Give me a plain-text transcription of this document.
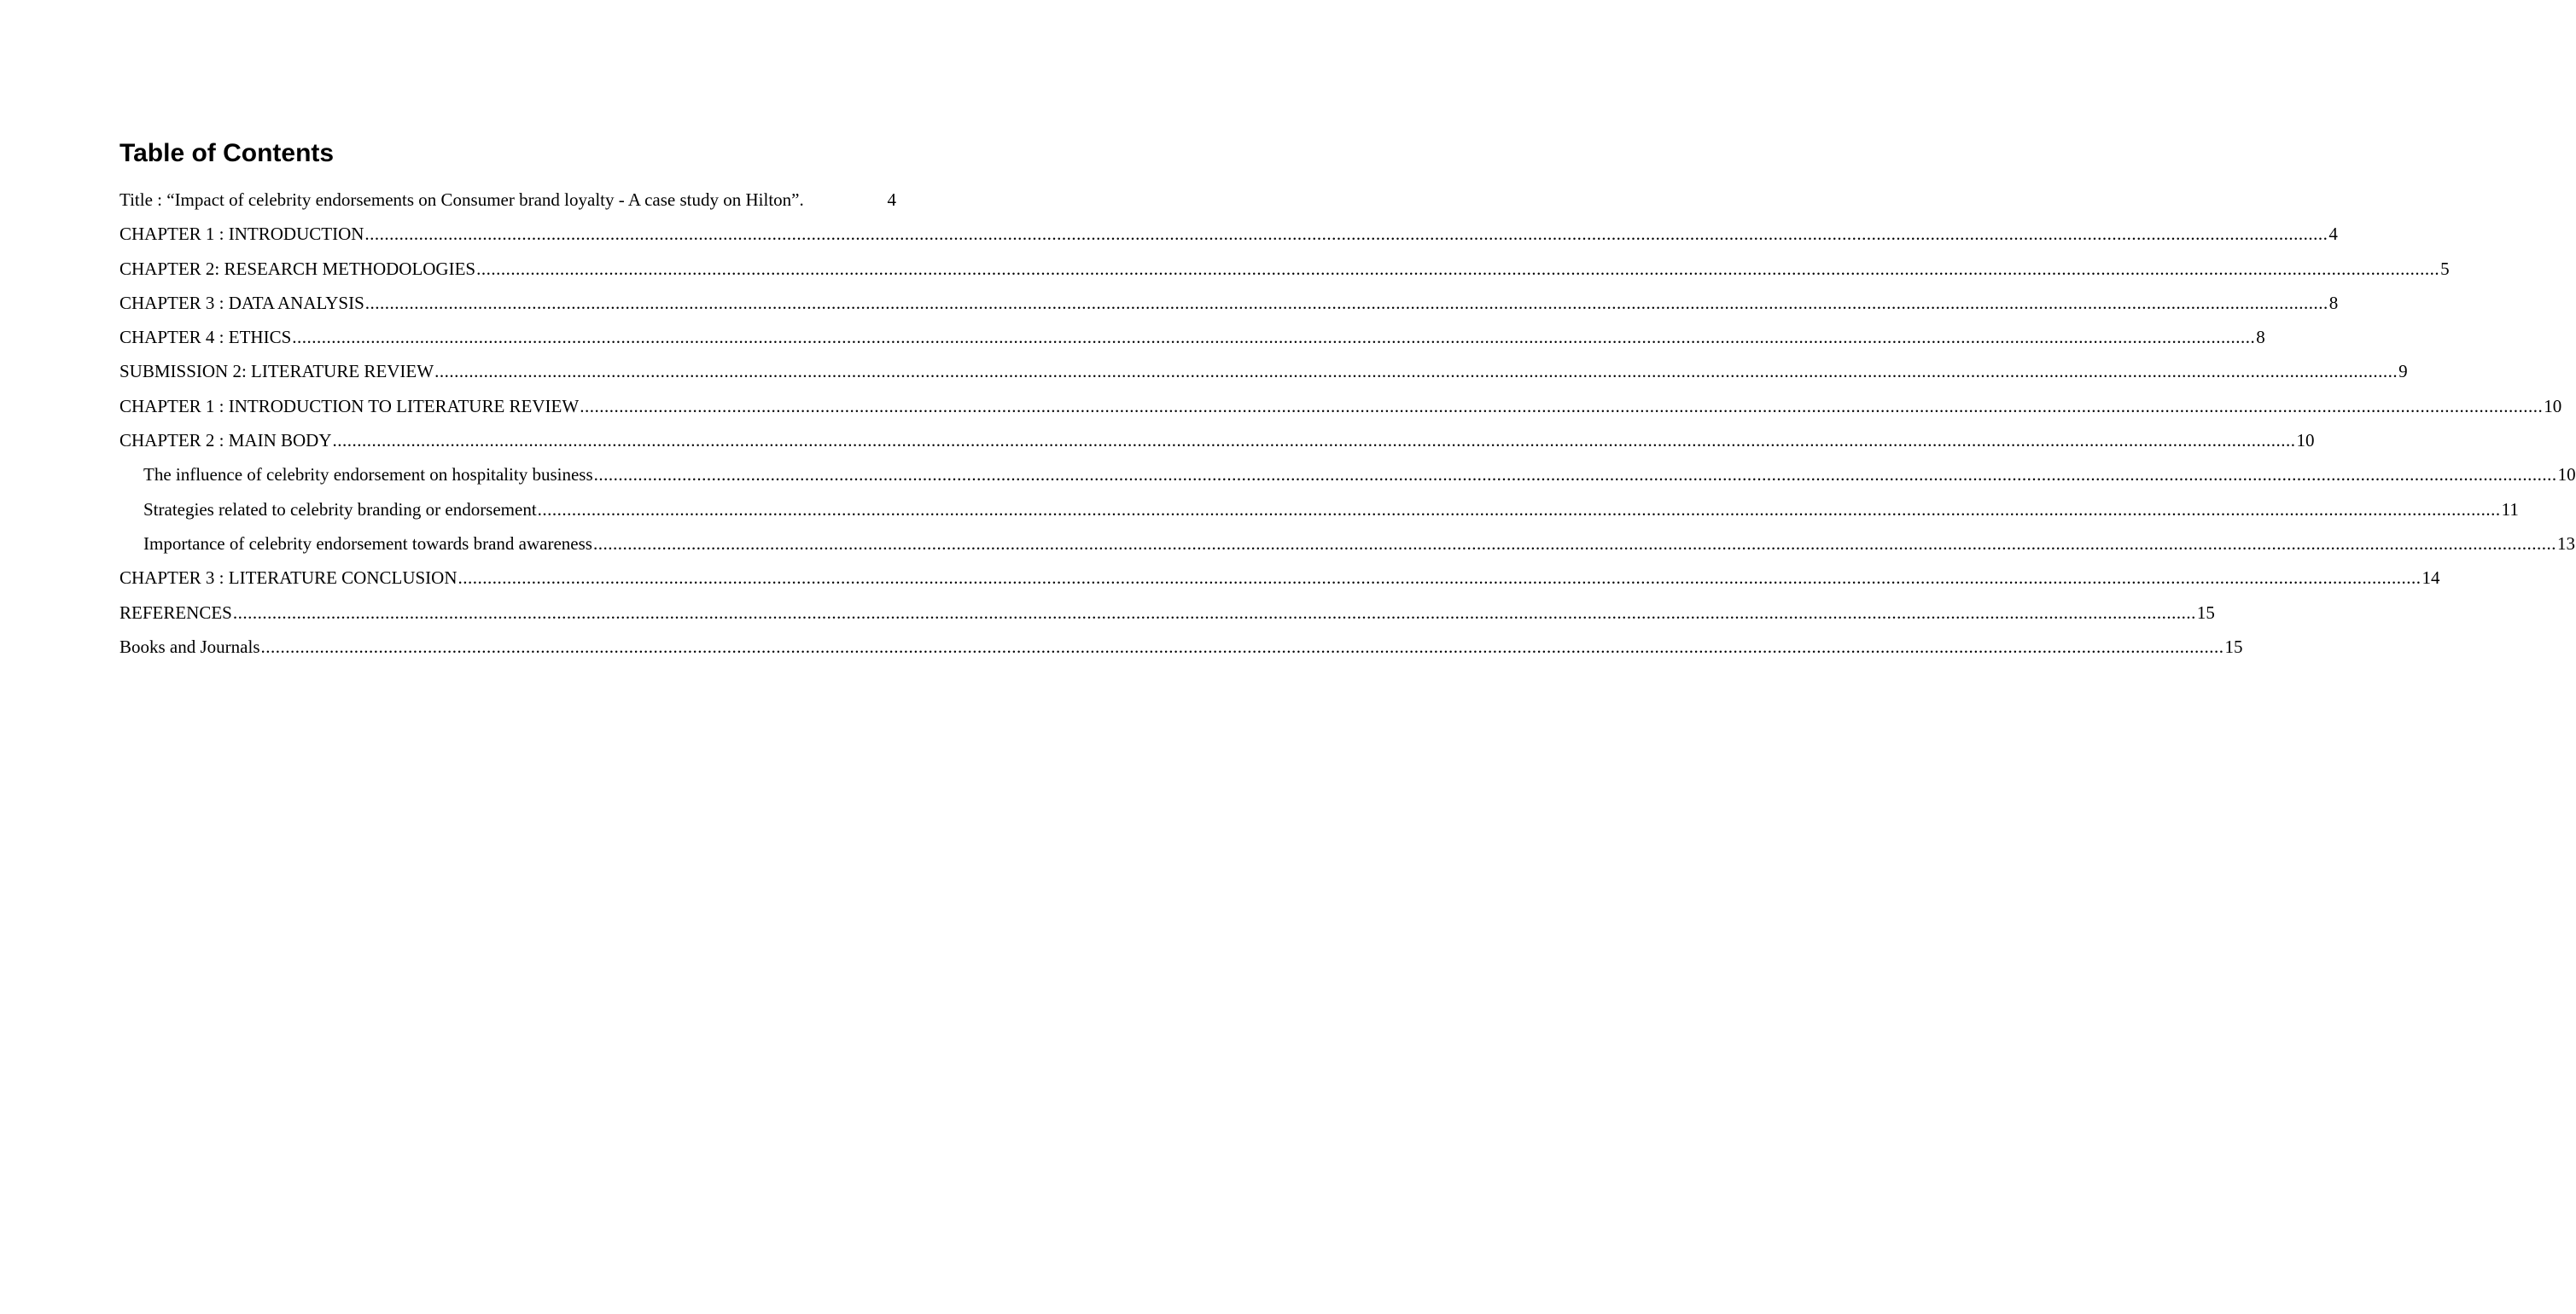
Table of Contents
Title : “Impact of celebrity endorsements on Consumer brand loyalty - A case study on Hilton”.	4
CHAPTER 1 : INTRODUCTION ................................................................................................................................................................................................................................................................................................................................................................................................................ 4
CHAPTER 2: RESEARCH METHODOLOGIES ................................................................................................................................................................................................................................................................................................................................................................................................................ 5
CHAPTER 3 : DATA ANALYSIS ................................................................................................................................................................................................................................................................................................................................................................................................................ 8
CHAPTER 4 : ETHICS ................................................................................................................................................................................................................................................................................................................................................................................................................ 8
SUBMISSION 2: LITERATURE REVIEW ................................................................................................................................................................................................................................................................................................................................................................................................................ 9
CHAPTER 1 : INTRODUCTION TO LITERATURE REVIEW ................................................................................................................................................................................................................................................................................................................................................................................................................ 10
CHAPTER 2 : MAIN BODY ................................................................................................................................................................................................................................................................................................................................................................................................................ 10
The influence of celebrity endorsement on hospitality business ................................................................................................................................................................................................................................................................................................................................................................................................................ 10
Strategies related to celebrity branding or endorsement ................................................................................................................................................................................................................................................................................................................................................................................................................ 11
Importance of celebrity endorsement towards brand awareness ................................................................................................................................................................................................................................................................................................................................................................................................................ 13
CHAPTER 3 : LITERATURE CONCLUSION ................................................................................................................................................................................................................................................................................................................................................................................................................ 14
REFERENCES ................................................................................................................................................................................................................................................................................................................................................................................................................ 15
Books and Journals ................................................................................................................................................................................................................................................................................................................................................................................................................ 15
